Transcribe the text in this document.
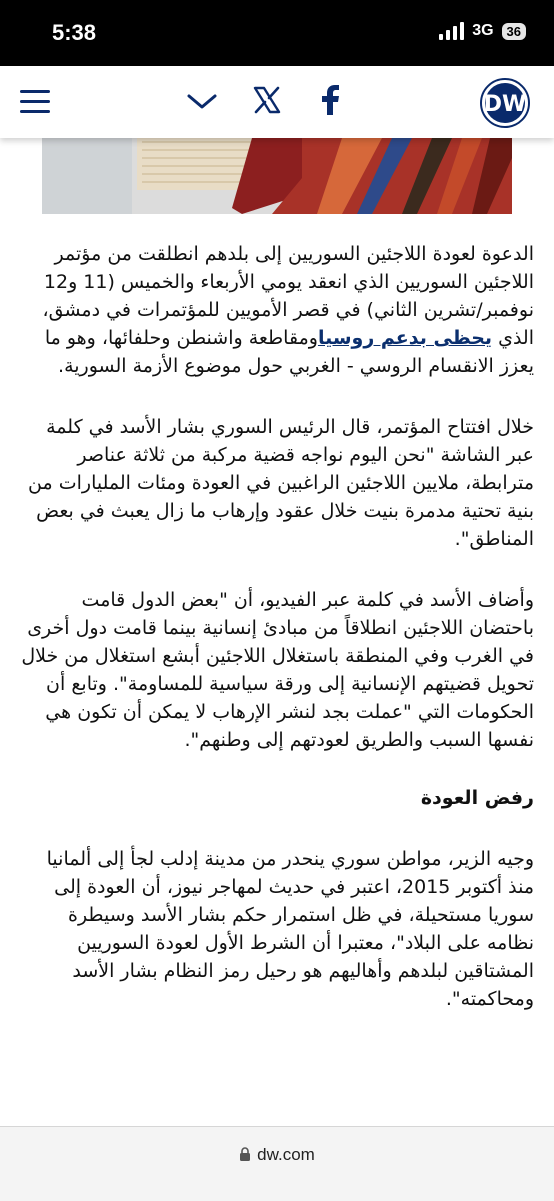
5:38	3G	36
DW

الدعوة لعودة اللاجئين السوريين إلى بلدهم انطلقت من مؤتمر اللاجئين السوريين الذي انعقد يومي الأربعاء والخميس (11 و12 نوفمبر/تشرين الثاني) في قصر الأمويين للمؤتمرات في دمشق، الذي يحظى بدعم روسياومقاطعة واشنطن وحلفائها، وهو ما يعزز الانقسام الروسي - الغربي حول موضوع الأزمة السورية.

خلال افتتاح المؤتمر، قال الرئيس السوري بشار الأسد في كلمة عبر الشاشة "نحن اليوم نواجه قضية مركبة من ثلاثة عناصر مترابطة، ملايين اللاجئين الراغبين في العودة ومئات المليارات من بنية تحتية مدمرة بنيت خلال عقود وإرهاب ما زال يعبث في بعض المناطق".

وأضاف الأسد في كلمة عبر الفيديو، أن "بعض الدول قامت باحتضان اللاجئين انطلاقاً من مبادئ إنسانية بينما قامت دول أخرى في الغرب وفي المنطقة باستغلال اللاجئين أبشع استغلال من خلال تحويل قضيتهم الإنسانية إلى ورقة سياسية للمساومة". وتابع أن الحكومات التي "عملت بجد لنشر الإرهاب لا يمكن أن تكون هي نفسها السبب والطريق لعودتهم إلى وطنهم".

رفض العودة

وجيه الزير، مواطن سوري ينحدر من مدينة إدلب لجأ إلى ألمانيا منذ أكتوبر 2015، اعتبر في حديث لمهاجر نيوز، أن العودة إلى سوريا مستحيلة، في ظل استمرار حكم بشار الأسد وسيطرة نظامه على البلاد"، معتبرا أن الشرط الأول لعودة السوريين المشتاقين لبلدهم وأهاليهم هو رحيل رمز النظام بشار الأسد ومحاكمته".

dw.com
